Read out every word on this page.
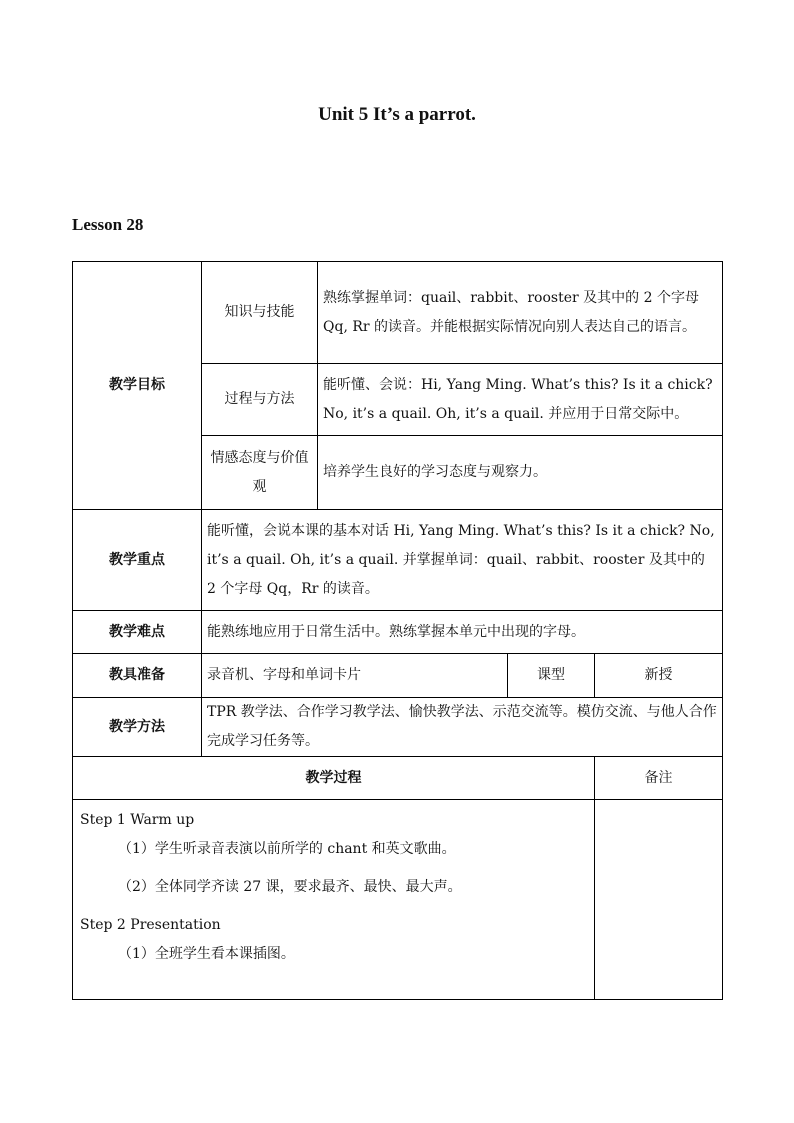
Unit 5 It’s a parrot.
Lesson 28
教学目标	知识与技能	熟练掌握单词：quail、rabbit、rooster 及其中的 2 个字母 Qq, Rr 的读音。并能根据实际情况向别人表达自己的语言。		
	过程与方法	能听懂、会说：Hi, Yang Ming. What’s this? Is it a chick? No, it’s a quail. Oh, it’s a quail. 并应用于日常交际中。		
	情感态度与价值观	培养学生良好的学习态度与观察力。		
教学重点	能听懂，会说本课的基本对话 Hi, Yang Ming. What’s this? Is it a chick? No, it’s a quail. Oh, it’s a quail. 并掌握单词：quail、rabbit、rooster 及其中的 2 个字母 Qq，Rr 的读音。			
教学难点	能熟练地应用于日常生活中。熟练掌握本单元中出现的字母。			
教具准备	录音机、字母和单词卡片		课型	新授
教学方法	TPR 教学法、合作学习教学法、愉快教学法、示范交流等。模仿交流、与他人合作完成学习任务等。			
教学过程				备注

Step 1 Warm up
（1）学生听录音表演以前所学的 chant 和英文歌曲。
（2）全体同学齐读 27 课，要求最齐、最快、最大声。
Step 2 Presentation
（1）全班学生看本课插图。				
